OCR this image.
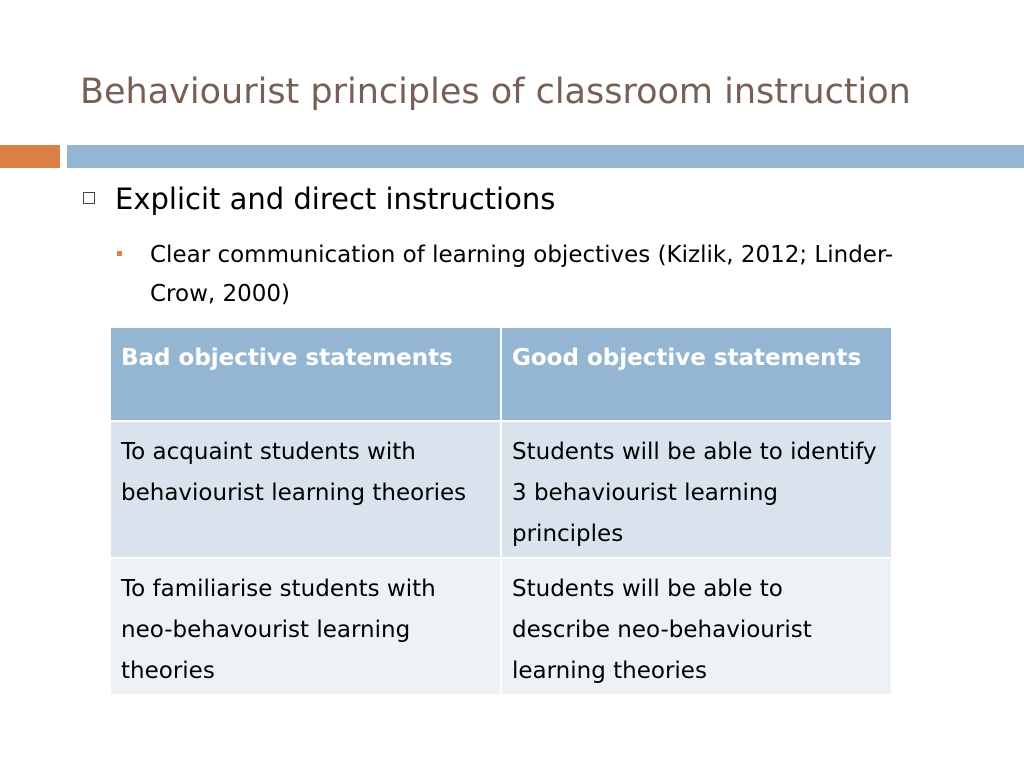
Behaviourist principles of classroom instruction
Explicit and direct instructions
Clear communication of learning objectives (Kizlik, 2012; Linder-Crow, 2000)
Bad objective statements	Good objective statements
To acquaint students with behaviourist learning theories	Students will be able to identify 3 behaviourist learning principles
To familiarise students with neo-behavourist learning theories	Students will be able to describe neo-behaviourist learning theories
